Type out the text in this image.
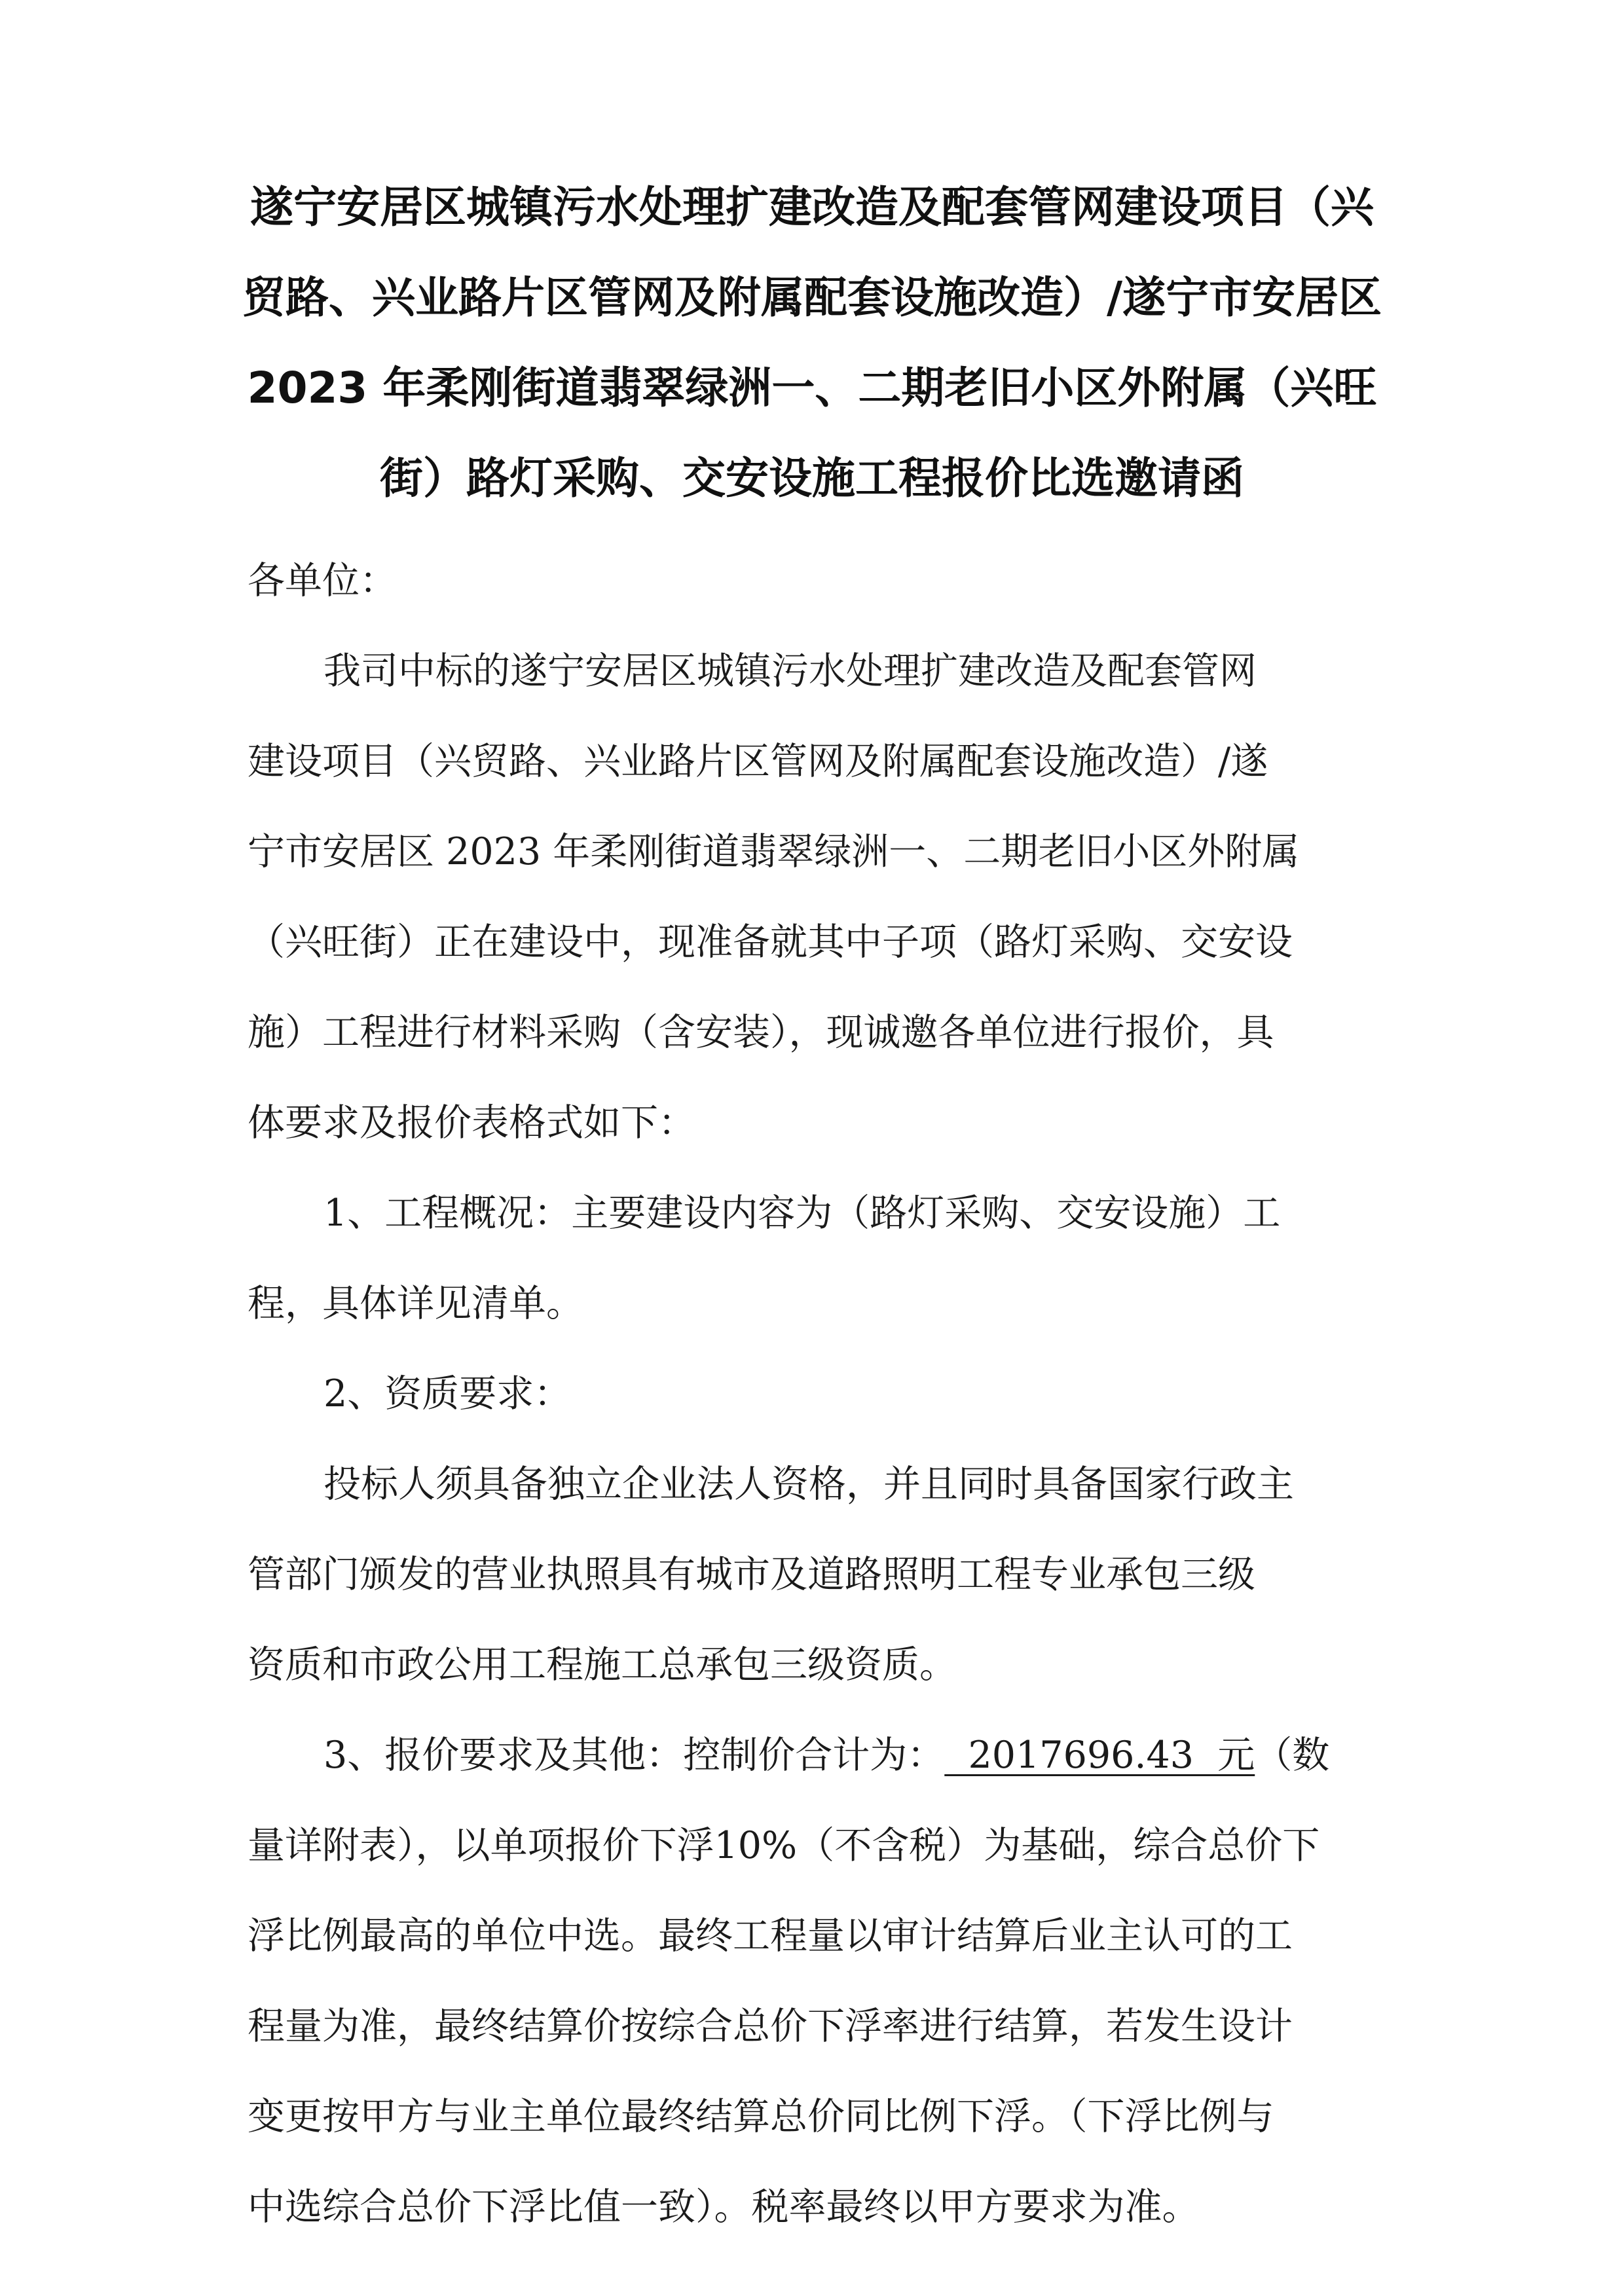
遂宁安居区城镇污水处理扩建改造及配套管网建设项目（兴
贸路、兴业路片区管网及附属配套设施改造）/遂宁市安居区
2023 年柔刚街道翡翠绿洲一、二期老旧小区外附属（兴旺
街）路灯采购、交安设施工程报价比选邀请函
各单位：
我司中标的遂宁安居区城镇污水处理扩建改造及配套管网
建设项目（兴贸路、兴业路片区管网及附属配套设施改造）/遂
宁市安居区 2023 年柔刚街道翡翠绿洲一、二期老旧小区外附属
（兴旺街）正在建设中，现准备就其中子项（路灯采购、交安设
施）工程进行材料采购（含安装），现诚邀各单位进行报价，具
体要求及报价表格式如下：
1、工程概况：主要建设内容为（路灯采购、交安设施）工
程，具体详见清单。
2、资质要求：
投标人须具备独立企业法人资格，并且同时具备国家行政主
管部门颁发的营业执照具有城市及道路照明工程专业承包三级
资质和市政公用工程施工总承包三级资质。
3、报价要求及其他：控制价合计为：  2017696.43  元（数
量详附表），以单项报价下浮10%（不含税）为基础，综合总价下
浮比例最高的单位中选。最终工程量以审计结算后业主认可的工
程量为准，最终结算价按综合总价下浮率进行结算，若发生设计
变更按甲方与业主单位最终结算总价同比例下浮。（下浮比例与
中选综合总价下浮比值一致）。税率最终以甲方要求为准。
